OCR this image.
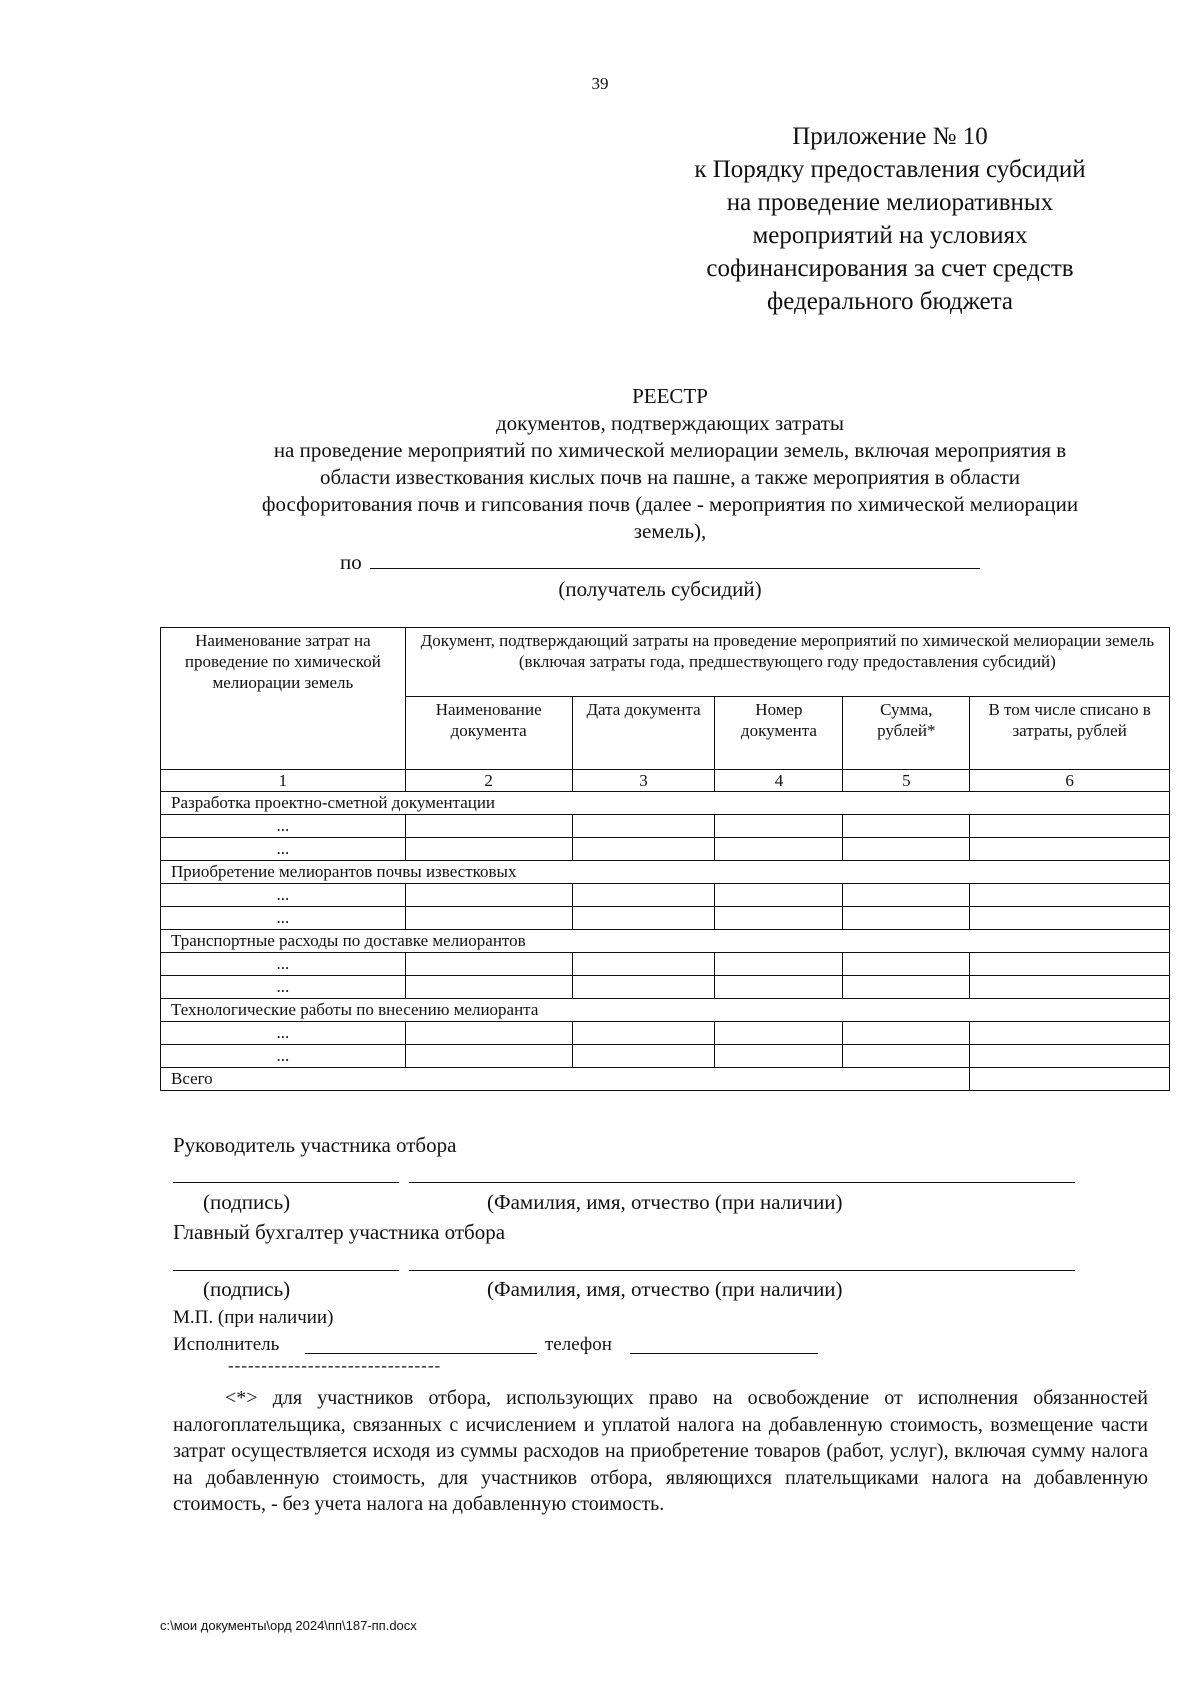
39
Приложение № 10
к Порядку предоставления субсидий
на проведение мелиоративных
мероприятий на условиях
софинансирования за счет средств
федерального бюджета
РЕЕСТР
документов, подтверждающих затраты
на проведение мероприятий по химической мелиорации земель, включая мероприятия в
области известкования кислых почв на пашне, а также мероприятия в области
фосфоритования почв и гипсования почв (далее - мероприятия по химической мелиорации
земель),
по
(получатель субсидий)
Наименование затрат на проведение по химической мелиорации земель	Документ, подтверждающий затраты на проведение мероприятий по химической мелиорации земель (включая затраты года, предшествующего году предоставления субсидий)				
	Наименование документа	Дата документа	Номер документа	Сумма, рублей*	В том числе списано в затраты, рублей
1	2	3	4	5	6
Разработка проектно-сметной документации					
...					
...					
Приобретение мелиорантов почвы известковых					
...					
...					
Транспортные расходы по доставке мелиорантов					
...					
...					
Технологические работы по внесению мелиоранта					
...					
...					
Всего					
Руководитель участника отбора
(подпись)	(Фамилия, имя, отчество (при наличии)
Главный бухгалтер участника отбора
(подпись)	(Фамилия, имя, отчество (при наличии)
М.П. (при наличии)
Исполнитель	телефон
--------------------------------
<*> для участников отбора, использующих право на освобождение от исполнения обязанностей налогоплательщика, связанных с исчислением и уплатой налога на добавленную стоимость, возмещение части затрат осуществляется исходя из суммы расходов на приобретение товаров (работ, услуг), включая сумму налога на добавленную стоимость, для участников отбора, являющихся плательщиками налога на добавленную стоимость, - без учета налога на добавленную стоимость.
c:\мои документы\орд 2024\пп\187-пп.docx
